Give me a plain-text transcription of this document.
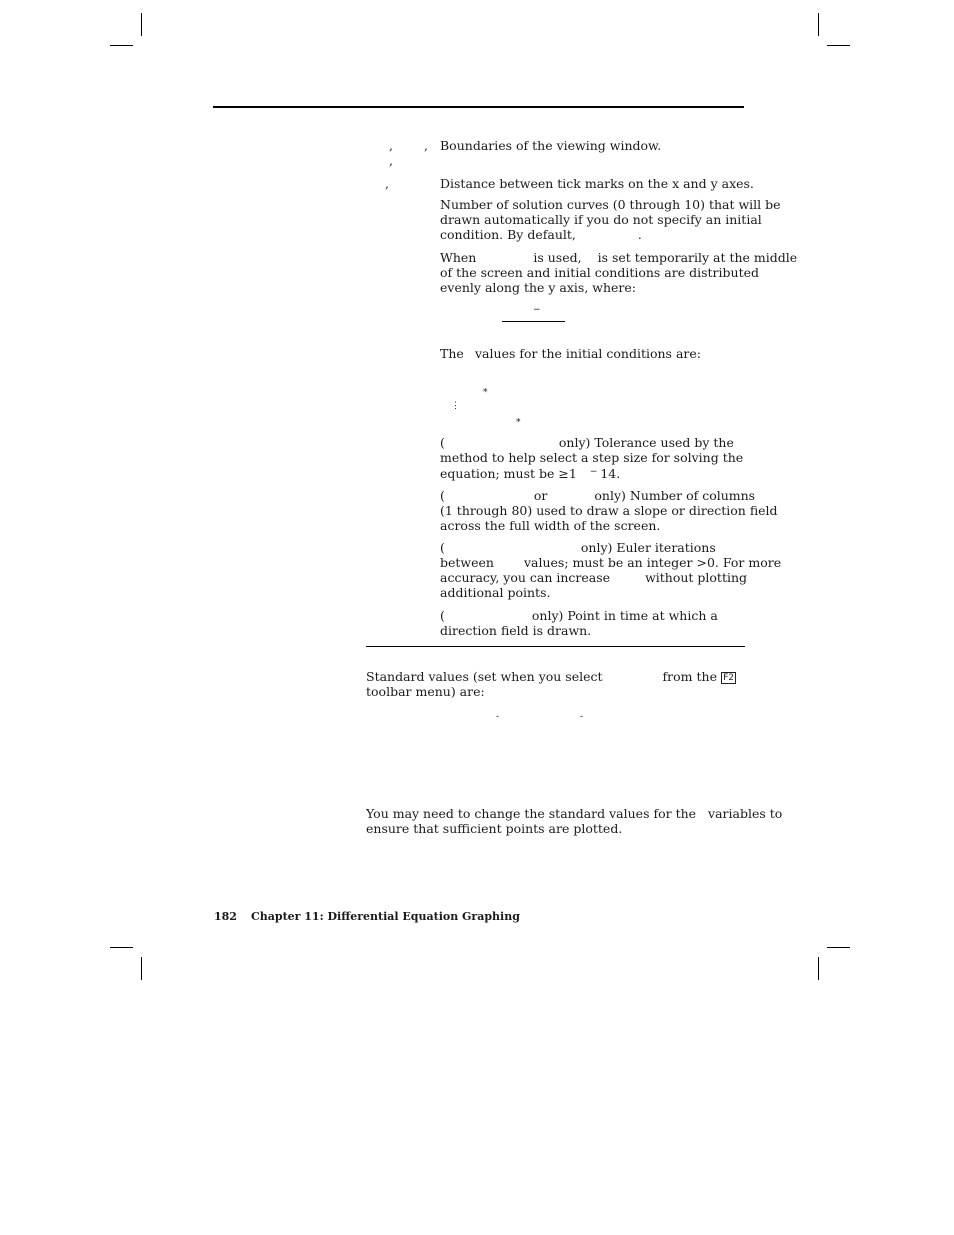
, ,
,
Boundaries of the viewing window.
,	Distance between tick marks on the x and y axes.
Number of solution curves (0 through 10) that will be
drawn automatically if you do not specify an initial
condition. By default,	.
When	is used, is set temporarily at the middle
of the screen and initial conditions are distributed
evenly along the y axis, where:
−
The values for the initial conditions are:
*
⋮
*
(	only) Tolerance used by the
method to help select a step size for solving the
equation; must be ≥1 − 14.
(	or	only) Number of columns
(1 through 80) used to draw a slope or direction field
across the full width of the screen.
(	only) Euler iterations
between values; must be an integer >0. For more
accuracy, you can increase	without plotting
additional points.
(	only) Point in time at which a
direction field is drawn.
Standard values (set when you select	from the F2
toolbar menu) are:
-	-
You may need to change the standard values for the variables to
ensure that sufficient points are plotted.
182 Chapter 11: Differential Equation Graphing
